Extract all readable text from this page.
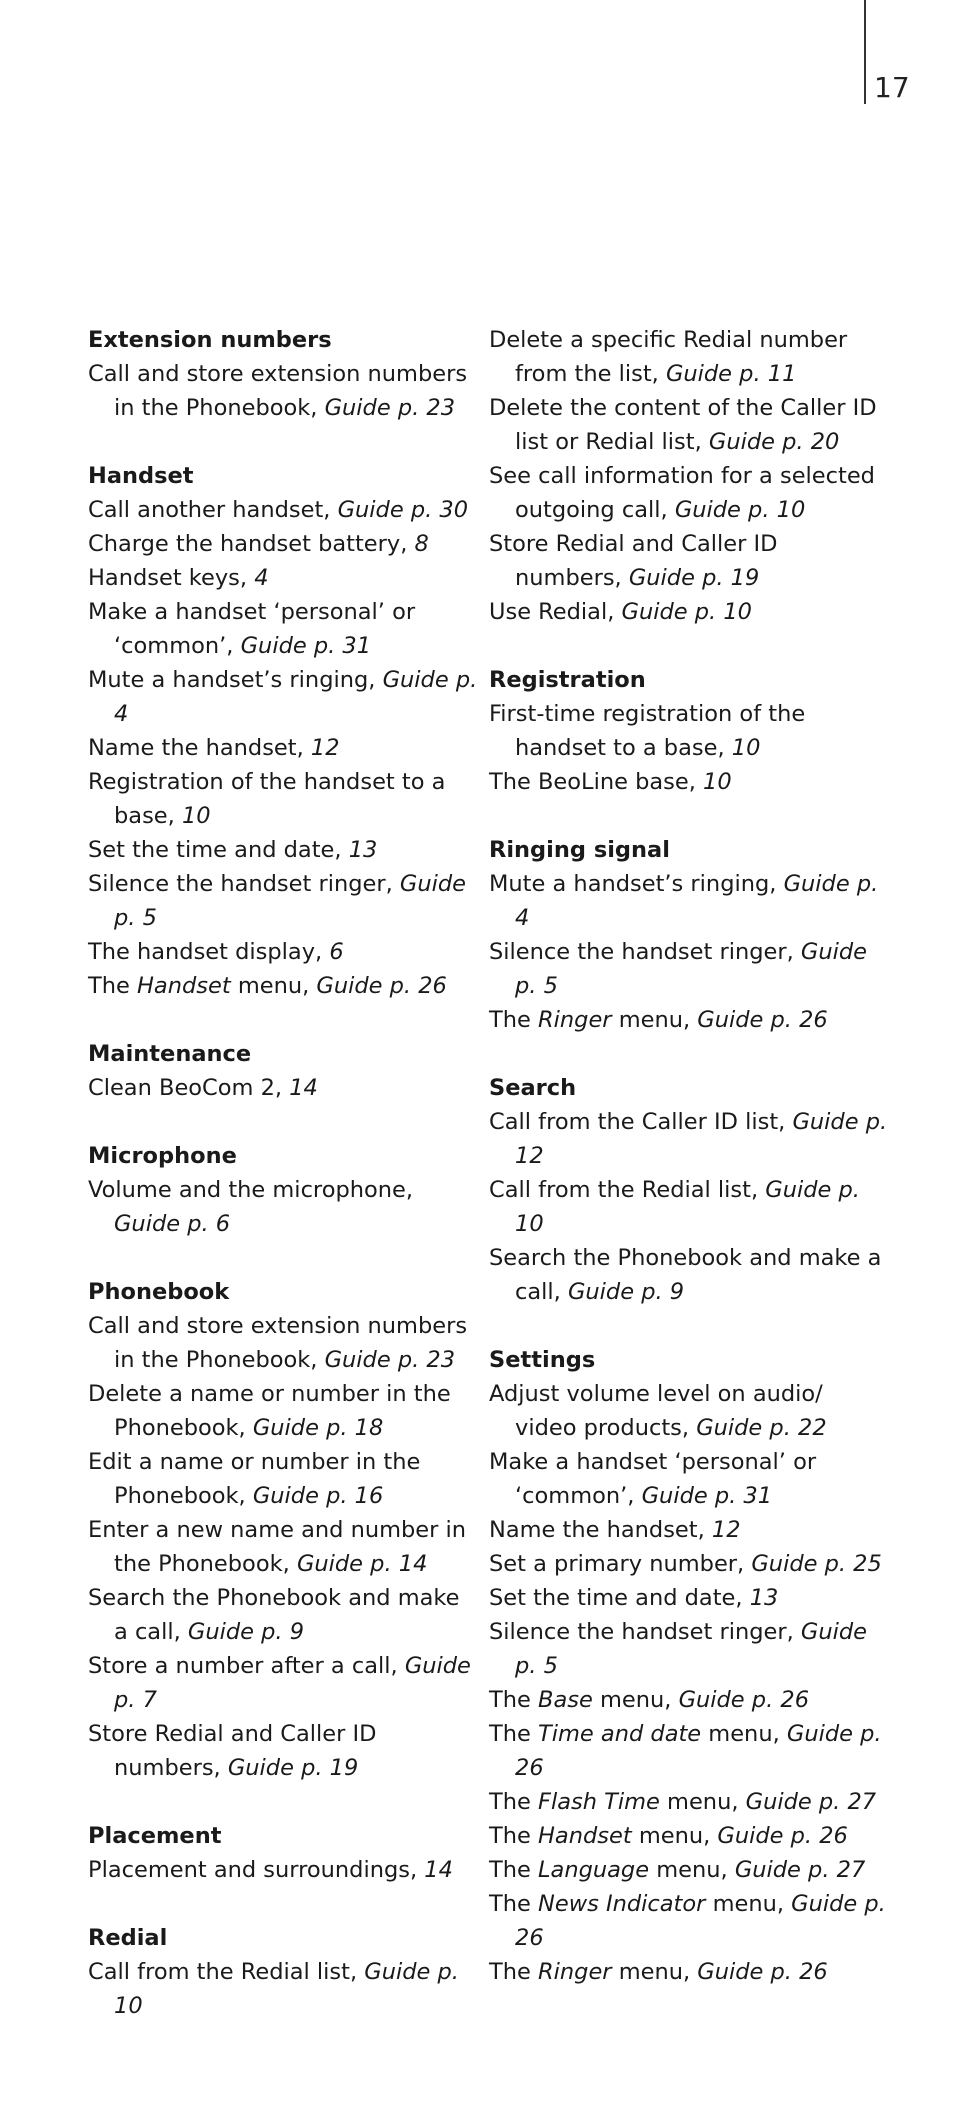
17
Extension numbers
Call and store extension numbers in the Phonebook, Guide p. 23
Handset
Call another handset, Guide p. 30
Charge the handset battery, 8
Handset keys, 4
Make a handset ‘personal’ or ‘common’, Guide p. 31
Mute a handset’s ringing, Guide p. 4
Name the handset, 12
Registration of the handset to a base, 10
Set the time and date, 13
Silence the handset ringer, Guide p. 5
The handset display, 6
The Handset menu, Guide p. 26
Maintenance
Clean BeoCom 2, 14
Microphone
Volume and the microphone, Guide p. 6
Phonebook
Call and store extension numbers in the Phonebook, Guide p. 23
Delete a name or number in the Phonebook, Guide p. 18
Edit a name or number in the Phonebook, Guide p. 16
Enter a new name and number in the Phonebook, Guide p. 14
Search the Phonebook and make a call, Guide p. 9
Store a number after a call, Guide p. 7
Store Redial and Caller ID numbers, Guide p. 19
Placement
Placement and surroundings, 14
Redial
Call from the Redial list, Guide p. 10
Delete a specific Redial number from the list, Guide p. 11
Delete the content of the Caller ID list or Redial list, Guide p. 20
See call information for a selected outgoing call, Guide p. 10
Store Redial and Caller ID numbers, Guide p. 19
Use Redial, Guide p. 10
Registration
First-time registration of the handset to a base, 10
The BeoLine base, 10
Ringing signal
Mute a handset’s ringing, Guide p. 4
Silence the handset ringer, Guide p. 5
The Ringer menu, Guide p. 26
Search
Call from the Caller ID list, Guide p. 12
Call from the Redial list, Guide p. 10
Search the Phonebook and make a call, Guide p. 9
Settings
Adjust volume level on audio/ video products, Guide p. 22
Make a handset ‘personal’ or ‘common’, Guide p. 31
Name the handset, 12
Set a primary number, Guide p. 25
Set the time and date, 13
Silence the handset ringer, Guide p. 5
The Base menu, Guide p. 26
The Time and date menu, Guide p. 26
The Flash Time menu, Guide p. 27
The Handset menu, Guide p. 26
The Language menu, Guide p. 27
The News Indicator menu, Guide p. 26
The Ringer menu, Guide p. 26
